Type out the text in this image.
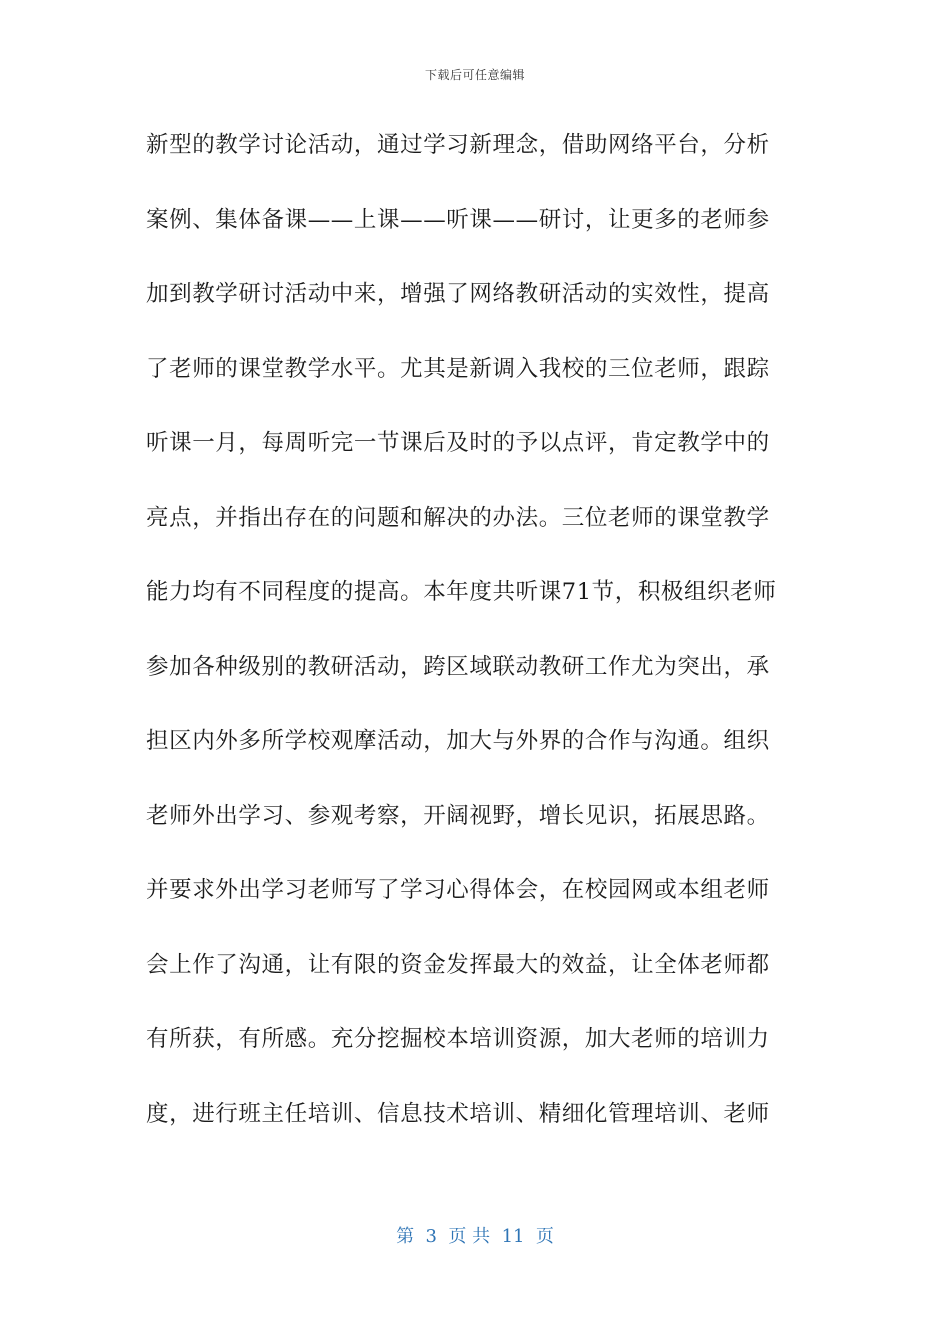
下载后可任意编辑
新型的教学讨论活动，通过学习新理念，借助网络平台，分析
案例、集体备课——上课——听课——研讨，让更多的老师参
加到教学研讨活动中来，增强了网络教研活动的实效性，提高
了老师的课堂教学水平。尤其是新调入我校的三位老师，跟踪
听课一月，每周听完一节课后及时的予以点评，肯定教学中的
亮点，并指出存在的问题和解决的办法。三位老师的课堂教学
能力均有不同程度的提高。本年度共听课71节，积极组织老师
参加各种级别的教研活动，跨区域联动教研工作尤为突出，承
担区内外多所学校观摩活动，加大与外界的合作与沟通。组织
老师外出学习、参观考察，开阔视野，增长见识，拓展思路。
并要求外出学习老师写了学习心得体会，在校园网或本组老师
会上作了沟通，让有限的资金发挥最大的效益，让全体老师都
有所获，有所感。充分挖掘校本培训资源，加大老师的培训力
度，进行班主任培训、信息技术培训、精细化管理培训、老师
第  3  页 共  11  页
